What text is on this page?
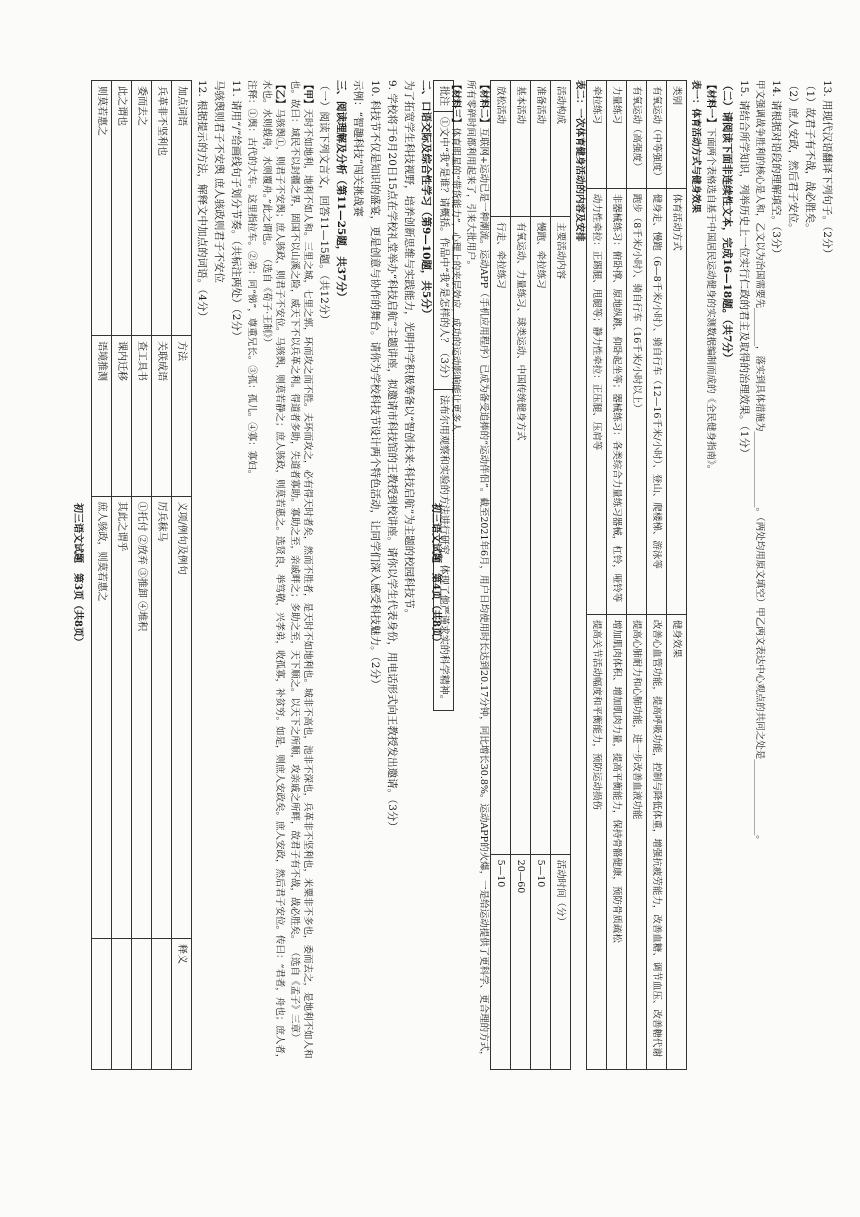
批注	①文中“我”是谁？请概括。作品中“我”是怎样的人？（3分）	法布尔用观察和实验的方法进行研究。体现了他严谨求实的科学精神。
二、口语交际及综合性学习（第9—10题，共5分）
为了拓宽学生科技视野，培养创新思维与实践能力，光明中学积极筹备以“智创未来·科技启航”为主题的校园科技节。
9. 学校将于6月20日15点在学校礼堂举办“科技启航”主题讲座，拟邀请市科技馆的王教授到校讲座。请你以学生代表身份，用电话形式向王教授发出邀请。（3分）
10. 科技节不仅是知识的盛宴，更是创意与协作的舞台。请你为学校科技节设计两个特色活动，让同学们深入感受科技魅力。（2分）
示例：“智趣科技”闯关挑战赛
三、阅读理解及分析（第11—25题，共37分）
（一）阅读下列文言文，回答11—15题。（共12分）
【甲】天时不如地利，地利不如人和。三里之城，七里之郭，环而攻之而不胜。夫环而攻之，必有得天时者矣，然而不胜者，是天时不如地利也。城非不高也，池非不深也，兵革非不坚利也，米粟非不多也，委而去之，是地利不如人和也。故曰：域民不以封疆之界，固国不以山溪之险，威天下不以兵革之利。得道者多助，失道者寡助。寡助之至，亲戚畔之；多助之至，天下顺之。以天下之所顺，攻亲戚之所畔，故君子有不战，战必胜矣。 （选自《孟子》三章）
【乙】马骇舆①，则君子不安舆；庶人骇政，则君子不安位。马骇舆，则莫若静之；庶人骇政，则莫若惠之。选贤良，举笃敬，兴孝弟，收孤寡，补贫穷。如是，则庶人安政矣。庶人安政，然后君子安位。传曰：“君者，舟也；庶人者，水也。水则载舟，水则覆舟。”此之谓也。 （选自《荀子·王制》）
注释：①舆：古代的大车。这里指拉车。②弟：同“悌”，尊重兄长。③孤：孤儿。④寡：寡妇。
11. 请用“/”给画线句子划分节奏。（共标注两处）（2分）
马骇舆则君子不安舆 庶人骇政则君子不安位
12. 根据提示的方法，解释文中加点的词语。（4分）
加点词语	方法	义项/例句及例句	释义
兵革非不坚利也	关联成语	厉兵秣马	
委而去之	查工具书	①托付 ②放弃 ③推卸 ④堆积	
此之谓也	课内迁移	其此之谓乎	
则莫若惠之	语境推测	庶人骇政，则莫若惠之	
初三语文试题　第3页（共8页）
13. 用现代汉语翻译下列句子。（2分）
（1）故君子有不战，战必胜矣。
（2）庶人安政，然后君子安位。
14. 请根据对语段的理解填空。（3分）
甲文强调战争胜利的核心是人和，乙文以为治国需要先________，落实到具体措施为________________。（两处均用原文填空）甲乙两文表达中心观点的共同之处是________________。
15. 请结合所学知识，列举历史上一位实行仁政的君主及取得的治理效果。（1分）
（二）请阅读下面非连续性文本，完成16—18题。（共7分）
【材料一】下面两个表格选自基于中国居民运动健身的实测数据编制而成的《全民健身指南》。
表一：体育活动方式与健身效果
类别	体育活动方式	健身效果
有氧运动（中等强度）	健身走、慢跑（6—8千米/小时）、骑自行车（12—16千米/小时）、登山、爬楼梯、游泳等	改善心血管功能，提高呼吸功能，控制与降低体重，增强抗疲劳能力，改善血糖、调节血压、改善糖代谢
有氧运动（高强度）	跑步（8千米/小时）、骑自行车（16千米/小时以上）	提高心肺耐力和心肺功能，进一步改善血液功能
力量练习	非器械练习：俯卧撑、原地纵跳、仰卧起坐等；器械练习：各类综合力量练习器械，杠铃，哑铃等	增加肌肉体积、增加肌肉力量，提高平衡能力，保持骨骼健康，预防骨质疏松
牵拉练习	动力性牵拉：正踢腿、甩腿等；静力性牵拉：正压腿、压肩等	提高关节活动幅度和平衡能力，预防运动损伤
表二：一次体育健身活动的内容及安排
活动构成	主要活动内容	活动时间（分）
准备活动	慢跑、牵拉练习	5—10
基本活动	有氧运动、力量练习、球类运动、中国传统健身方式	20—60
放松活动	行走、牵拉练习	5—10
【材料二】互联网+运动已是一种潮流。运动APP（手机应用程序）已成为备受追捧的“运动伴侣”。截至2021年6月，用户日均使用时长达到20.17分钟，同比增长30.8%。运动APP的火爆，一是给运动提供了更科学、更合理的方式，所有零碎时间都利用起来了，引来大批用户。
【材料三】体育明星的“带货能力”，心理上的夹层效应，成功的运动影响能让更多人……
初三语文试题　第4页（共8页）
